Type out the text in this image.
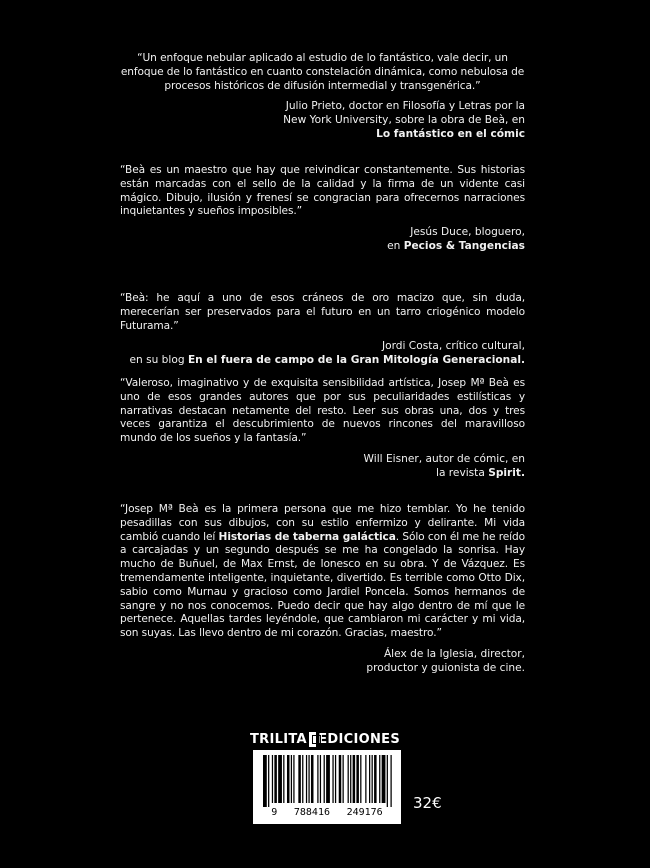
“Un enfoque nebular aplicado al estudio de lo fantástico, vale decir, un enfoque de lo fantástico en cuanto constelación dinámica, como nebulosa de procesos históricos de difusión intermedial y transgenérica.”
Julio Prieto, doctor en Filosofía y Letras por la
New York University, sobre la obra de Beà, en
Lo fantástico en el cómic
“Beà es un maestro que hay que reivindicar constantemente. Sus historias están marcadas con el sello de la calidad y la firma de un vidente casi mágico. Dibujo, ilusión y frenesí se congracian para ofrecernos narraciones inquietantes y sueños imposibles.”
Jesús Duce, bloguero,
en Pecios & Tangencias
“Beà: he aquí a uno de esos cráneos de oro macizo que, sin duda, merecerían ser preservados para el futuro en un tarro criogénico modelo Futurama.”
Jordi Costa, crítico cultural,
en su blog En el fuera de campo de la Gran Mitología Generacional.
“Valeroso, imaginativo y de exquisita sensibilidad artística, Josep Mª Beà es uno de esos grandes autores que por sus peculiaridades estilísticas y narrativas destacan netamente del resto. Leer sus obras una, dos y tres veces garantiza el descubrimiento de nuevos rincones del maravilloso mundo de los sueños y la fantasía.”
Will Eisner, autor de cómic, en
la revista Spirit.
“Josep Mª Beà es la primera persona que me hizo temblar. Yo he tenido pesadillas con sus dibujos, con su estilo enfermizo y delirante. Mi vida cambió cuando leí Historias de taberna galáctica. Sólo con él me he reído a carcajadas y un segundo después se me ha congelado la sonrisa. Hay mucho de Buñuel, de Max Ernst, de Ionesco en su obra. Y de Vázquez. Es tremendamente inteligente, inquietante, divertido. Es terrible como Otto Dix, sabio como Murnau y gracioso como Jardiel Poncela. Somos hermanos de sangre y no nos conocemos. Puedo decir que hay algo dentro de mí que le pertenece. Aquellas tardes leyéndole, que cambiaron mi carácter y mi vida, son suyas. Las llevo dentro de mi corazón. Gracias, maestro.”
Álex de la Iglesia, director,
productor y guionista de cine.
TRILITA EDICIONES
9 788416 249176
32€
